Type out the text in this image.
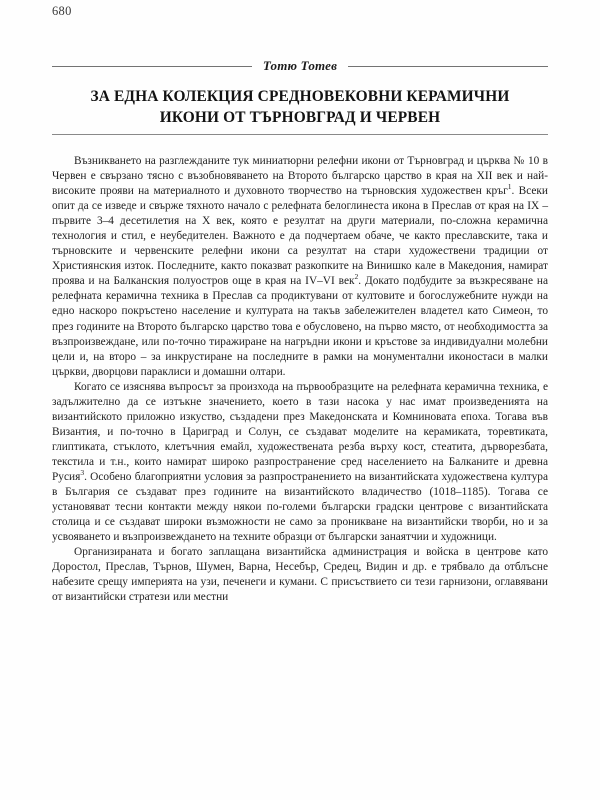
680
Тотю Тотев
ЗА ЕДНА КОЛЕКЦИЯ СРЕДНОВЕКОВНИ КЕРАМИЧНИ
ИКОНИ ОТ ТЪРНОВГРАД И ЧЕРВЕН

Възникването на разглежданите тук миниатюрни релефни икони от Търновград и църква № 10 в Червен е свързано тясно с възобновяването на Второто българско царство в края на XII век и най-високите прояви на материалното и духовното творчество на търновския художествен кръг$^1$. Всеки опит да се изведе и свърже тяхното начало с релефната белоглинеста икона в Преслав от края на IX – първите 3–4 десетилетия на X век, която е резултат на други материали, по-сложна керамична технология и стил, е неубедителен. Важното е да подчертаем обаче, че както преславските, така и търновските и червенските релефни икони са резултат на стари художествени традиции от Християнския изток. Последните, както показват разкопките на Винишко кале в Македония, намират проява и на Балканския полуостров още в края на IV–VI век$^2$. Докато подбудите за възкресяване на релефната керамична техника в Преслав са продиктувани от култовите и богослужебните нужди на едно наскоро покръстено население и културата на такъв забележителен владетел като Симеон, то през годините на Второто българско царство това е обусловено, на първо място, от необходимостта за възпроизвеждане, или по-точно тиражиране на нагръдни икони и кръстове за индивидуални молебни цели и, на второ – за инкрустиране на последните в рамки на монументални иконостаси в малки църкви, дворцови параклиси и домашни олтари.

Когато се изяснява въпросът за произхода на първообразците на релефната керамична техника, е задължително да се изтъкне значението, което в тази насока у нас имат произведенията на византийското приложно изкуство, създадени през Македонската и Комниновата епоха. Тогава във Византия, и по-точно в Цариград и Солун, се създават моделите на керамиката, торевтиката, глиптиката, стъклото, клетъчния емайл, художествената резба върху кост, стеатита, дърворезбата, текстила и т.н., които намират широко разпространение сред населението на Балканите и древна Русия$^3$. Особено благоприятни условия за разпространението на византийската художествена култура в България се създават през годините на византийското владичество (1018–1185). Тогава се установяват тесни контакти между някои по-големи български градски центрове с византийската столица и се създават широки възможности не само за проникване на византийски творби, но и за усвояването и възпроизвеждането на техните образци от български занаятчии и художници.

Организираната и богато заплащана византийска администрация и войска в центрове като Доростол, Преслав, Търнов, Шумен, Варна, Несебър, Средец, Видин и др. е трябвало да отблъсне набезите срещу империята на узи, печенеги и кумани. С присъствието си тези гарнизони, оглавявани от византийски стратези или местни
